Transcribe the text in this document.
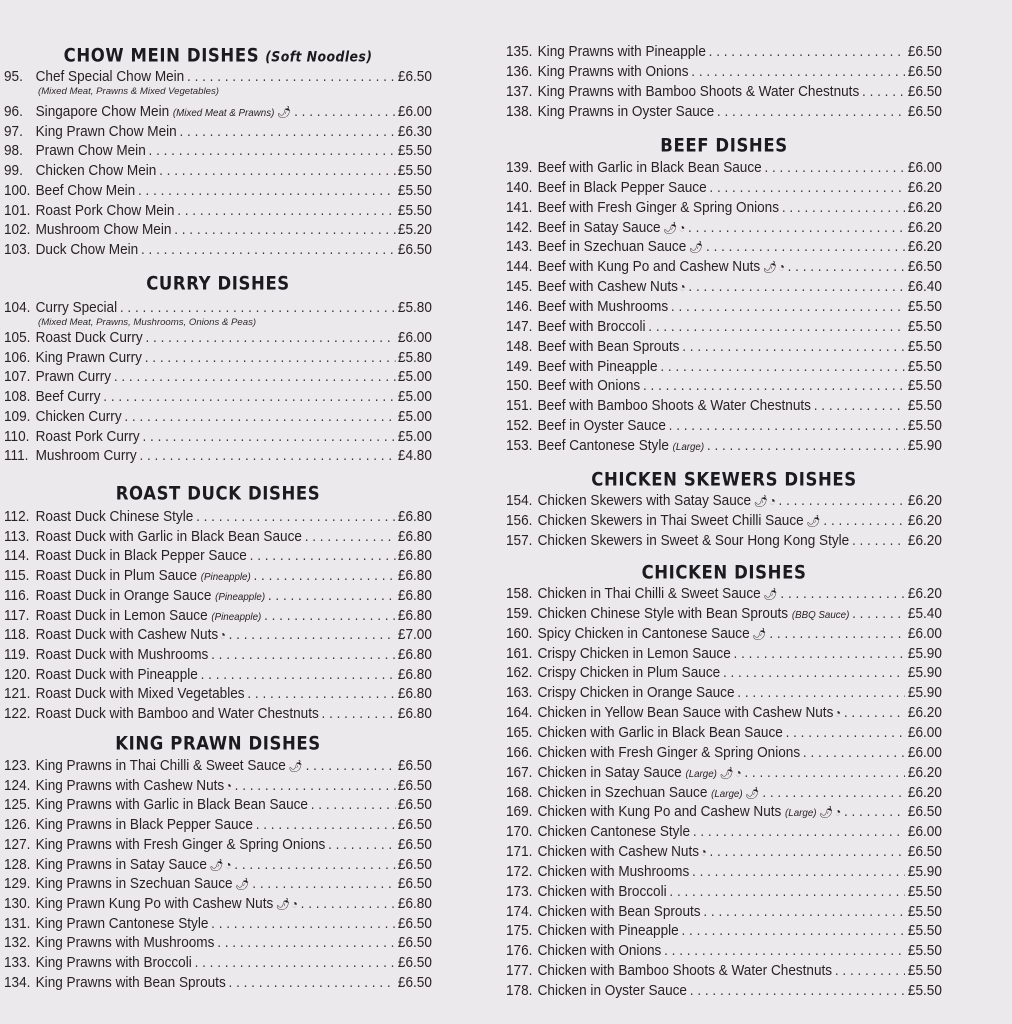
CHOW MEIN DISHES (Soft Noodles)
95. Chef Special Chow Mein . . .	£6.50
(Mixed Meat, Prawns & Mixed Vegetables)
96. Singapore Chow Mein (Mixed Meat & Prawns) 🌶 . . .	£6.00
97. King Prawn Chow Mein . . .	£6.30
98. Prawn Chow Mein . . .	£5.50
99. Chicken Chow Mein . . .	£5.50
100. Beef Chow Mein . . .	£5.50
101. Roast Pork Chow Mein . . .	£5.50
102. Mushroom Chow Mein . . .	£5.20
103. Duck Chow Mein . . .	£6.50
CURRY DISHES
104. Curry Special . . .	£5.80
(Mixed Meat, Prawns, Mushrooms, Onions & Peas)
105. Roast Duck Curry . . .	£6.00
106. King Prawn Curry . . .	£5.80
107. Prawn Curry . . .	£5.00
108. Beef Curry . . .	£5.00
109. Chicken Curry . . .	£5.00
110. Roast Pork Curry . . .	£5.00
111. Mushroom Curry . . .	£4.80
ROAST DUCK DISHES
112. Roast Duck Chinese Style . . .	£6.80
113. Roast Duck with Garlic in Black Bean Sauce . . .	£6.80
114. Roast Duck in Black Pepper Sauce . . .	£6.80
115. Roast Duck in Plum Sauce (Pineapple) . . .	£6.80
116. Roast Duck in Orange Sauce (Pineapple) . . .	£6.80
117. Roast Duck in Lemon Sauce (Pineapple) . . .	£6.80
118. Roast Duck with Cashew Nuts ◔ . . .	£7.00
119. Roast Duck with Mushrooms . . .	£6.80
120. Roast Duck with Pineapple . . .	£6.80
121. Roast Duck with Mixed Vegetables . . .	£6.80
122. Roast Duck with Bamboo and Water Chestnuts . . .	£6.80
KING PRAWN DISHES
123. King Prawns in Thai Chilli & Sweet Sauce 🌶 . . .	£6.50
124. King Prawns with Cashew Nuts ◔ . . .	£6.50
125. King Prawns with Garlic in Black Bean Sauce . . .	£6.50
126. King Prawns in Black Pepper Sauce . . .	£6.50
127. King Prawns with Fresh Ginger & Spring Onions . . .	£6.50
128. King Prawns in Satay Sauce 🌶 ◔ . . .	£6.50
129. King Prawns in Szechuan Sauce 🌶 . . .	£6.50
130. King Prawn Kung Po with Cashew Nuts 🌶 ◔ . . .	£6.80
131. King Prawn Cantonese Style . . .	£6.50
132. King Prawns with Mushrooms . . .	£6.50
133. King Prawns with Broccoli . . .	£6.50
134. King Prawns with Bean Sprouts . . .	£6.50
135. King Prawns with Pineapple . . .	£6.50
136. King Prawns with Onions . . .	£6.50
137. King Prawns with Bamboo Shoots & Water Chestnuts . . .	£6.50
138. King Prawns in Oyster Sauce . . .	£6.50
BEEF DISHES
139. Beef with Garlic in Black Bean Sauce . . .	£6.00
140. Beef in Black Pepper Sauce . . .	£6.20
141. Beef with Fresh Ginger & Spring Onions . . .	£6.20
142. Beef in Satay Sauce 🌶 ◔ . . .	£6.20
143. Beef in Szechuan Sauce 🌶 . . .	£6.20
144. Beef with Kung Po and Cashew Nuts 🌶 ◔ . . .	£6.50
145. Beef with Cashew Nuts ◔ . . .	£6.40
146. Beef with Mushrooms . . .	£5.50
147. Beef with Broccoli . . .	£5.50
148. Beef with Bean Sprouts . . .	£5.50
149. Beef with Pineapple . . .	£5.50
150. Beef with Onions . . .	£5.50
151. Beef with Bamboo Shoots & Water Chestnuts . . .	£5.50
152. Beef in Oyster Sauce . . .	£5.50
153. Beef Cantonese Style (Large) . . .	£5.90
CHICKEN SKEWERS DISHES
154. Chicken Skewers with Satay Sauce 🌶 ◔ . . .	£6.20
156. Chicken Skewers in Thai Sweet Chilli Sauce 🌶 . . .	£6.20
157. Chicken Skewers in Sweet & Sour Hong Kong Style . . .	£6.20
CHICKEN DISHES
158. Chicken in Thai Chilli & Sweet Sauce 🌶 . . .	£6.20
159. Chicken Chinese Style with Bean Sprouts (BBQ Sauce) . . .	£5.40
160. Spicy Chicken in Cantonese Sauce 🌶 . . .	£6.00
161. Crispy Chicken in Lemon Sauce . . .	£5.90
162. Crispy Chicken in Plum Sauce . . .	£5.90
163. Crispy Chicken in Orange Sauce . . .	£5.90
164. Chicken in Yellow Bean Sauce with Cashew Nuts ◔ . . .	£6.20
165. Chicken with Garlic in Black Bean Sauce . . .	£6.00
166. Chicken with Fresh Ginger & Spring Onions . . .	£6.00
167. Chicken in Satay Sauce (Large) 🌶 ◔ . . .	£6.20
168. Chicken in Szechuan Sauce (Large) 🌶 . . .	£6.20
169. Chicken with Kung Po and Cashew Nuts (Large) 🌶 ◔ . . .	£6.50
170. Chicken Cantonese Style . . .	£6.00
171. Chicken with Cashew Nuts ◔ . . .	£6.50
172. Chicken with Mushrooms . . .	£5.90
173. Chicken with Broccoli . . .	£5.50
174. Chicken with Bean Sprouts . . .	£5.50
175. Chicken with Pineapple . . .	£5.50
176. Chicken with Onions . . .	£5.50
177. Chicken with Bamboo Shoots & Water Chestnuts . . .	£5.50
178. Chicken in Oyster Sauce . . .	£5.50
